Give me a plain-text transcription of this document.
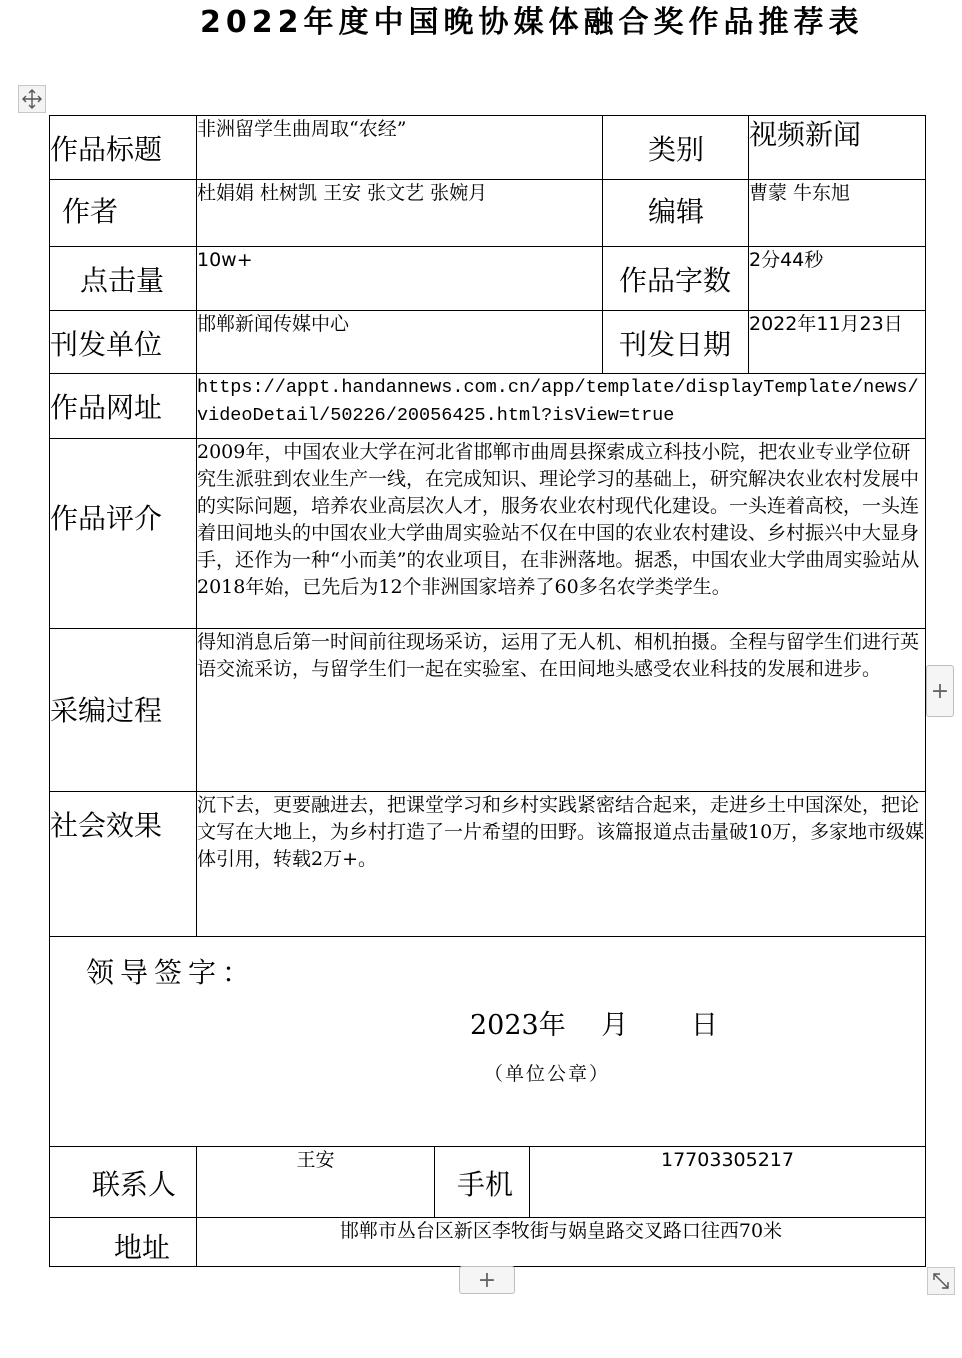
2022年度中国晚协媒体融合奖作品推荐表
作品标题	非洲留学生曲周取“农经”			类别	视频新闻
作者	杜娟娟 杜树凯 王安 张文艺 张婉月			编辑	曹蒙 牛东旭
点击量	10w+			作品字数	2分44秒
刊发单位	邯郸新闻传媒中心			刊发日期	2022年11月23日
作品网址	https://appt.handannews.com.cn/app/template/displayTemplate/news/videoDetail/50226/20056425.html?isView=true				
作品评介	2009年，中国农业大学在河北省邯郸市曲周县探索成立科技小院，把农业专业学位研究生派驻到农业生产一线，在完成知识、理论学习的基础上，研究解决农业农村发展中的实际问题，培养农业高层次人才，服务农业农村现代化建设。一头连着高校，一头连着田间地头的中国农业大学曲周实验站不仅在中国的农业农村建设、乡村振兴中大显身手，还作为一种“小而美”的农业项目，在非洲落地。据悉，中国农业大学曲周实验站从2018年始，已先后为12个非洲国家培养了60多名农学类学生。				
采编过程	得知消息后第一时间前往现场采访，运用了无人机、相机拍摄。全程与留学生们进行英语交流采访，与留学生们一起在实验室、在田间地头感受农业科技的发展和进步。				
社会效果	沉下去，更要融进去，把课堂学习和乡村实践紧密结合起来，走进乡土中国深处，把论文写在大地上，为乡村打造了一片希望的田野。该篇报道点击量破10万，多家地市级媒体引用，转载2万+。				

领导签字：
2023年　 月　　 日
（单位公章）					

联系人	王安	手机	17703305217		
地址	邯郸市丛台区新区李牧街与娲皇路交叉路口往西70米				
+
+
